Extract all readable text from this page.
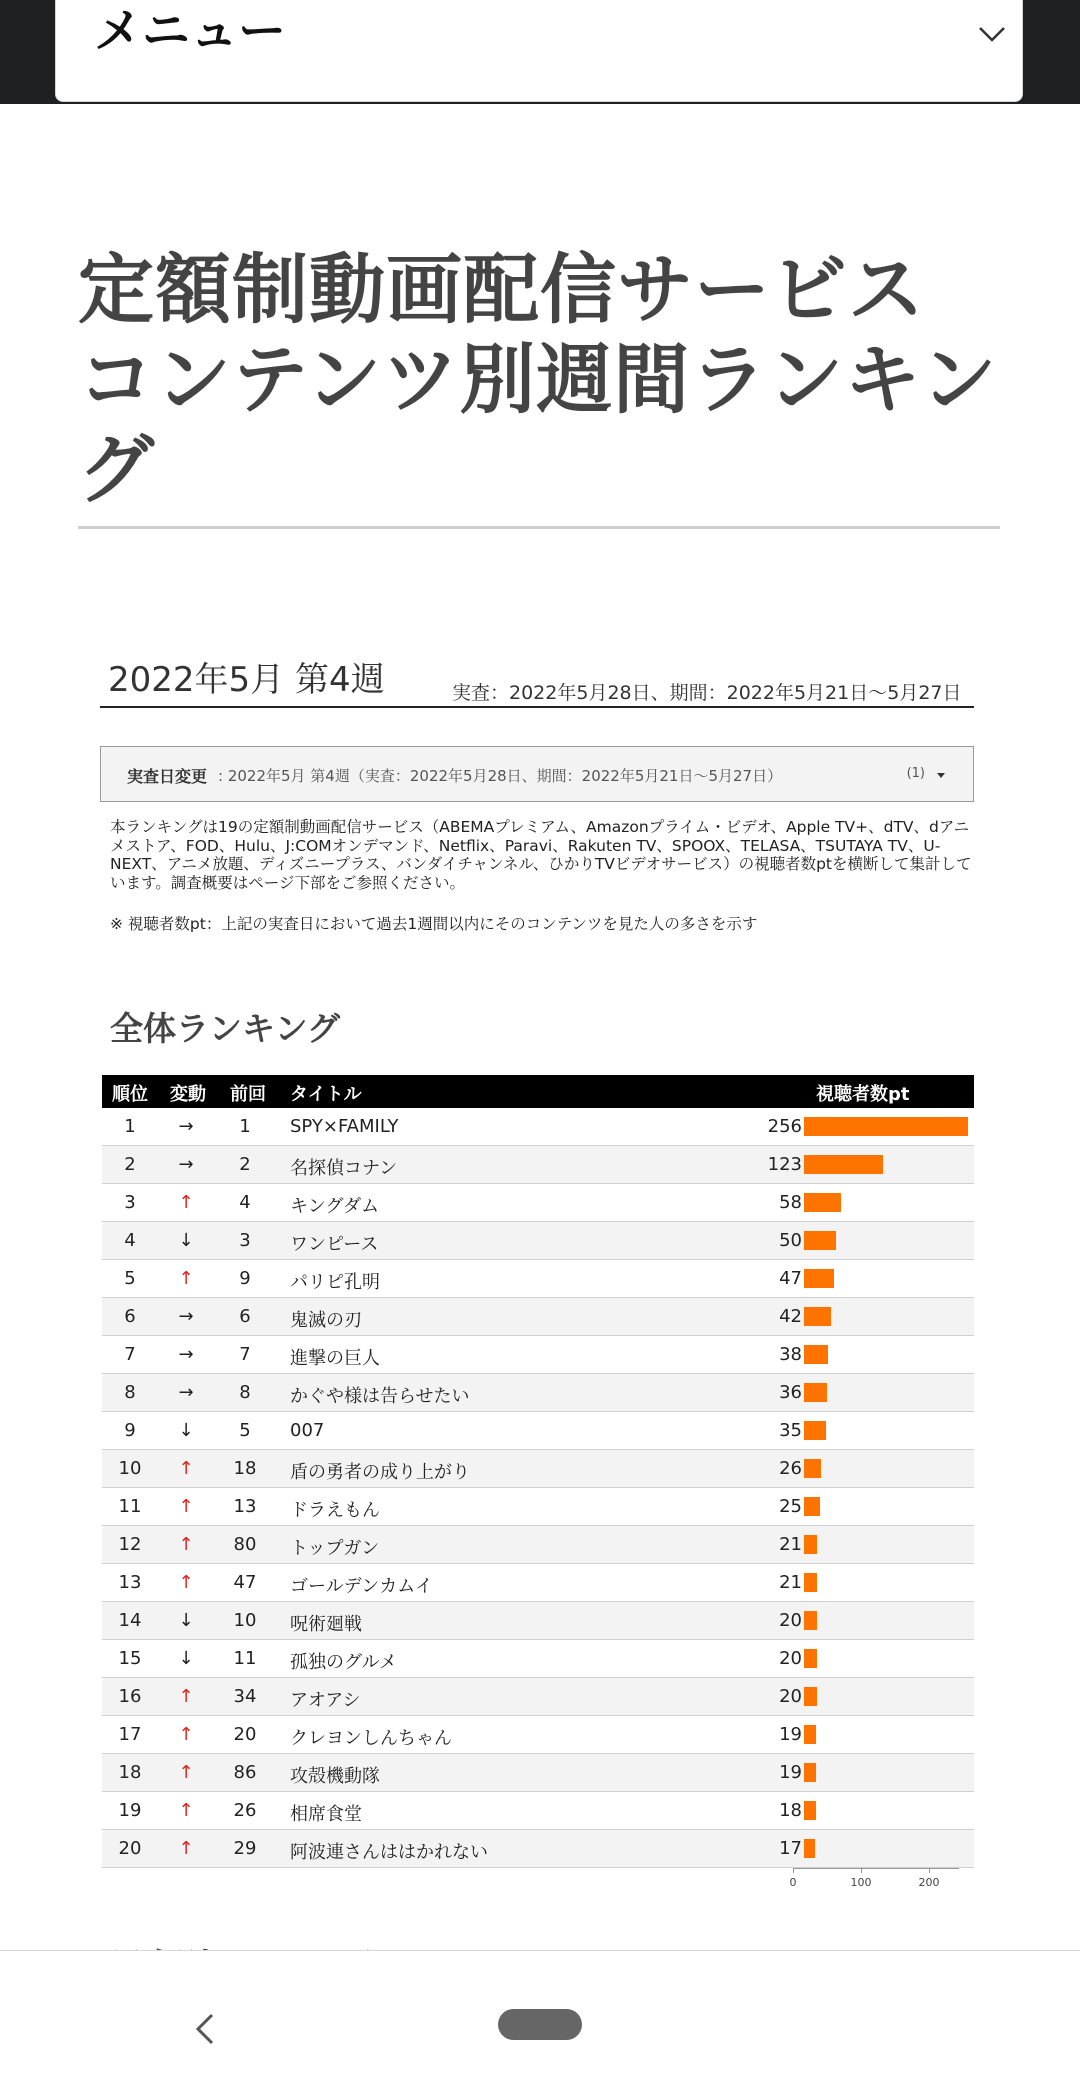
メニュー
定額制動画配信サービス コンテンツ別週間ランキング
2022年5月 第4週	実査：2022年5月28日、期間：2022年5月21日〜5月27日
実査日変更 : 2022年5月 第4週（実査：2022年5月28日、期間：2022年5月21日〜5月27日）	(1)
本ランキングは19の定額制動画配信サービス（ABEMAプレミアム、Amazonプライム・ビデオ、Apple TV+、dTV、dアニメストア、FOD、Hulu、J:COMオンデマンド、Netflix、Paravi、Rakuten TV、SPOOX、TELASA、TSUTAYA TV、U-NEXT、アニメ放題、ディズニープラス、バンダイチャンネル、ひかりTVビデオサービス）の視聴者数ptを横断して集計しています。調査概要はページ下部をご参照ください。
※ 視聴者数pt：上記の実査日において過去1週間以内にそのコンテンツを見た人の多さを示す
全体ランキング
順位 変動 前回 タイトル	視聴者数pt
1	→	1	SPY×FAMILY	256
2	→	2	名探偵コナン	123
3	↑	4	キングダム	58
4	↓	3	ワンピース	50
5	↑	9	パリピ孔明	47
6	→	6	鬼滅の刃	42
7	→	7	進撃の巨人	38
8	→	8	かぐや様は告らせたい	36
9	↓	5	007	35
10	↑	18	盾の勇者の成り上がり	26
11	↑	13	ドラえもん	25
12	↑	80	トップガン	21
13	↑	47	ゴールデンカムイ	21
14	↓	10	呪術廻戦	20
15	↓	11	孤独のグルメ	20
16	↑	34	アオアシ	20
17	↑	20	クレヨンしんちゃん	19
18	↑	86	攻殻機動隊	19
19	↑	26	相席食堂	18
20	↑	29	阿波連さんははかれない	17
0	100	200
